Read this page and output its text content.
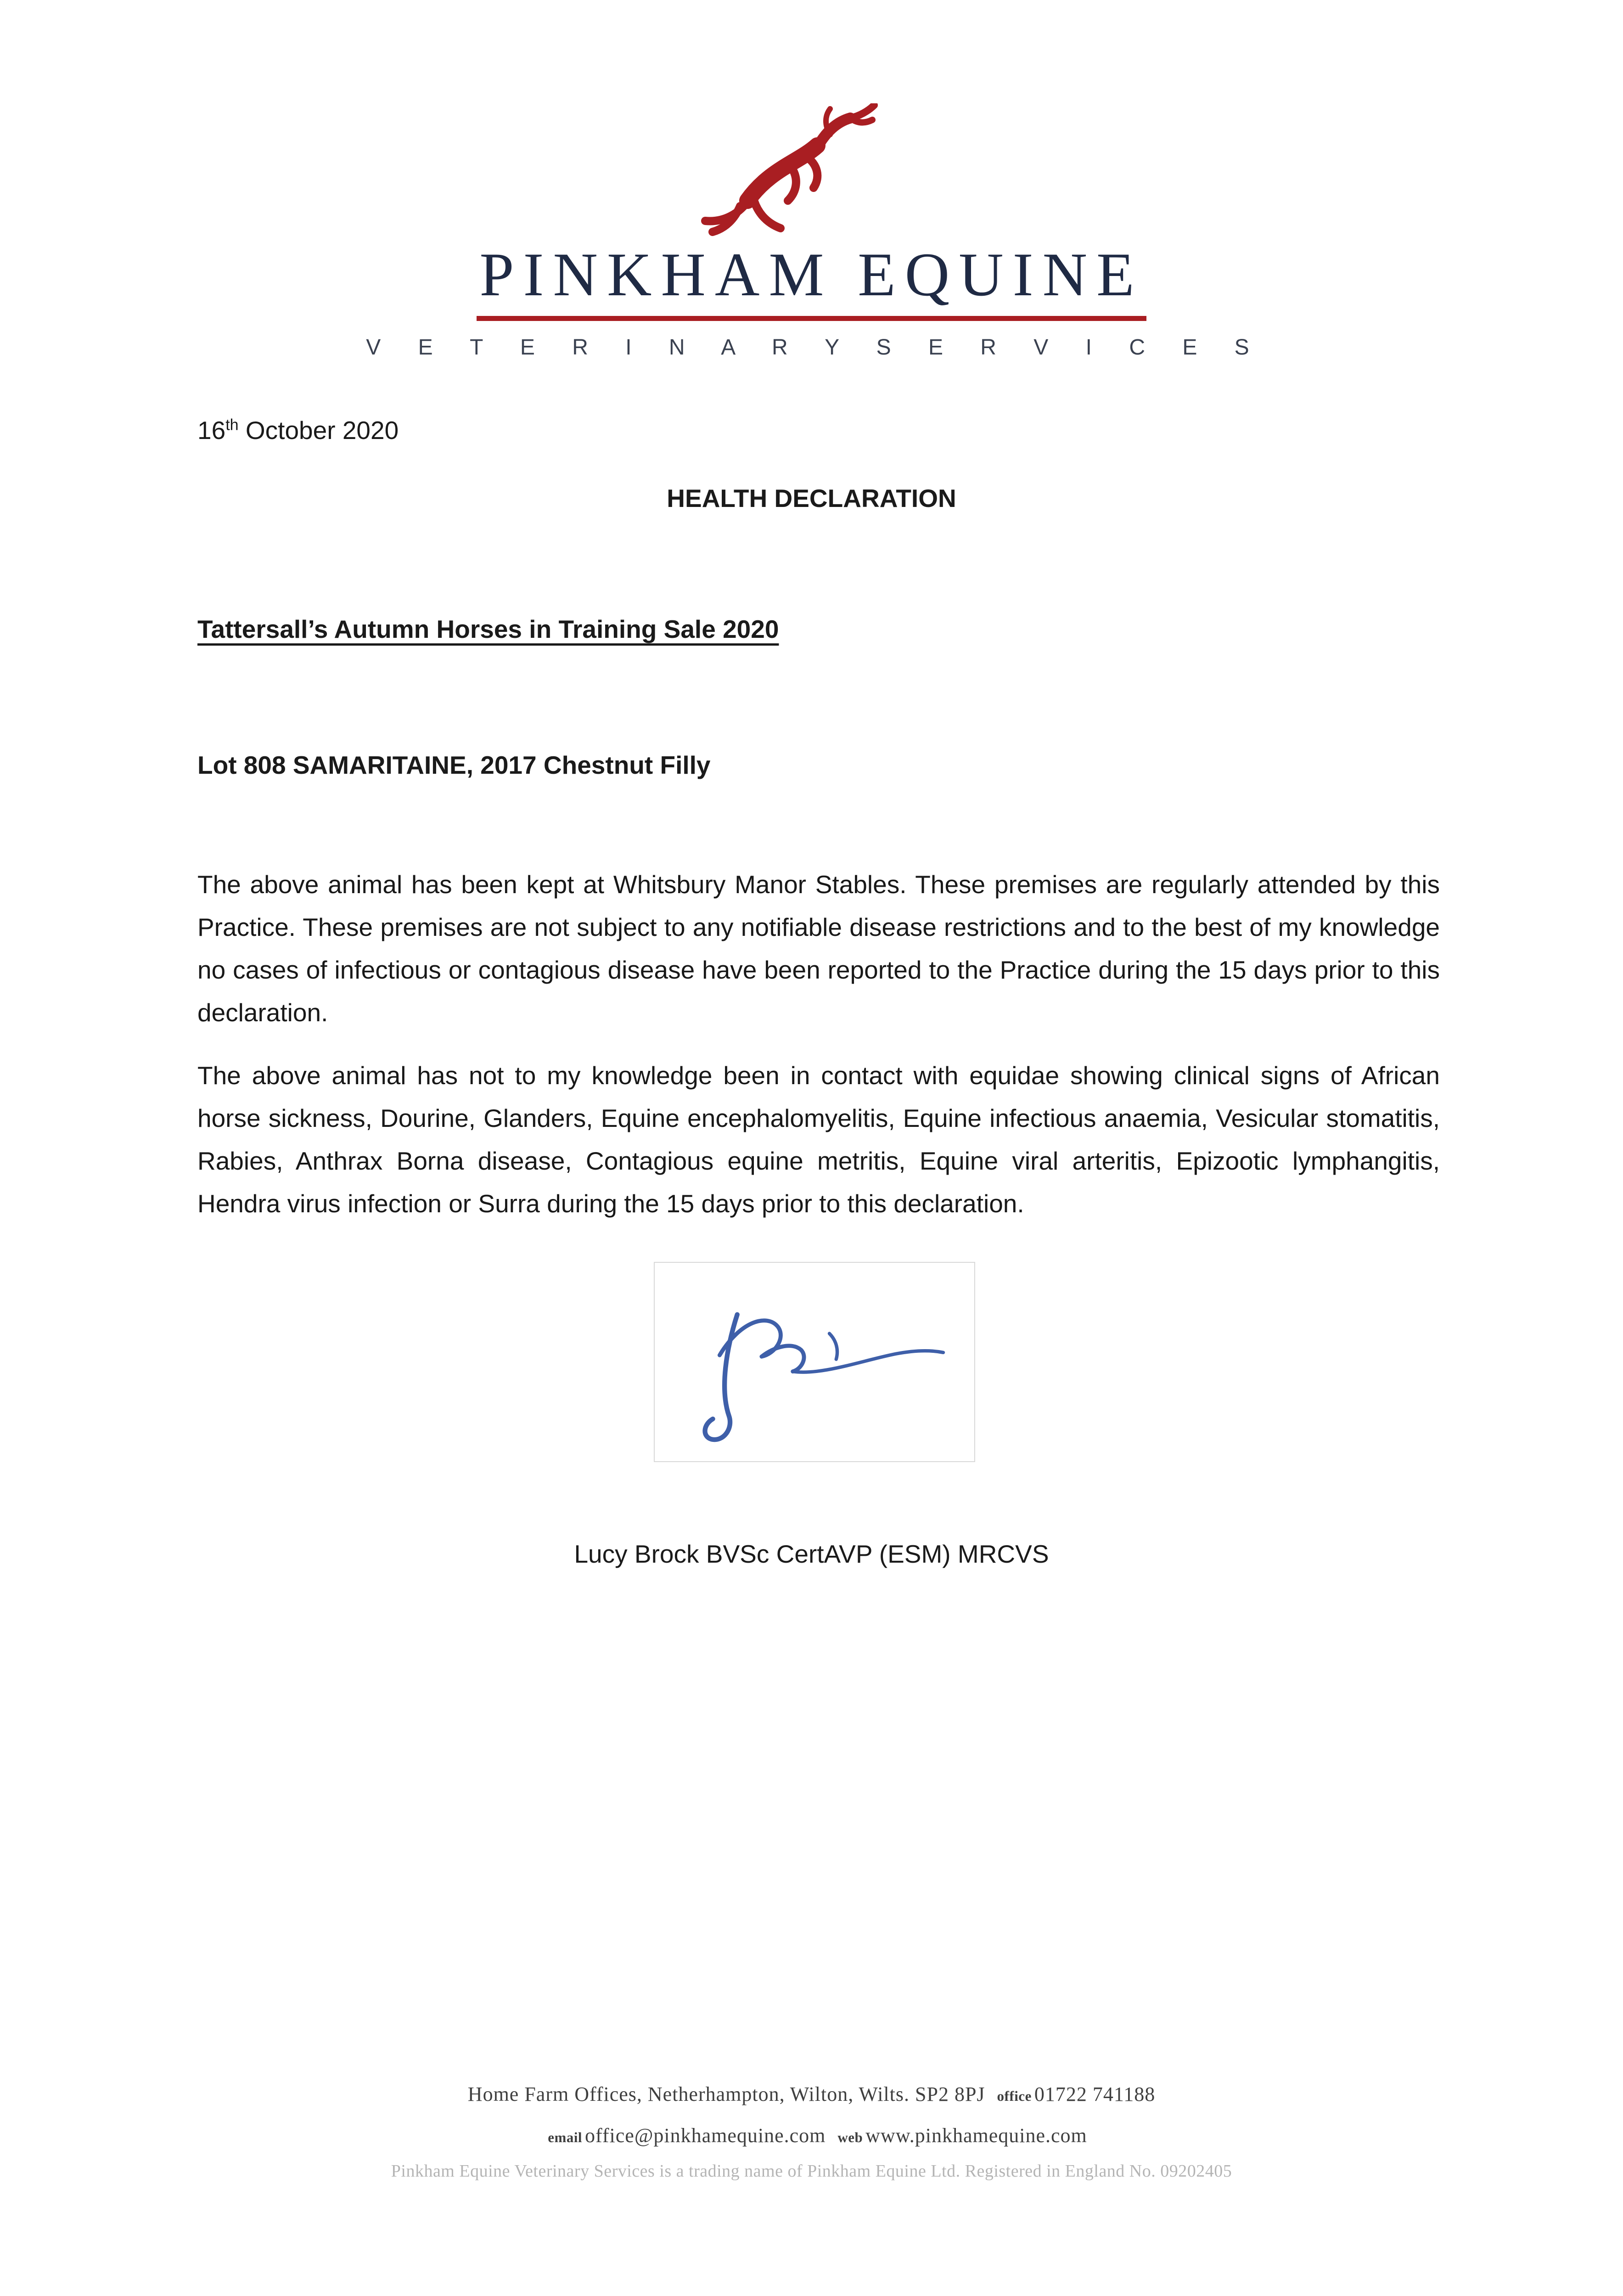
PINKHAM EQUINE
V E T E R I N A R Y S E R V I C E S
16th October 2020
HEALTH DECLARATION
Tattersall’s Autumn Horses in Training Sale 2020
Lot 808 SAMARITAINE, 2017 Chestnut Filly

The above animal has been kept at Whitsbury Manor Stables. These premises are regularly attended by this Practice. These premises are not subject to any notifiable disease restrictions and to the best of my knowledge no cases of infectious or contagious disease have been reported to the Practice during the 15 days prior to this declaration.

The above animal has not to my knowledge been in contact with equidae showing clinical signs of African horse sickness, Dourine, Glanders, Equine encephalomyelitis, Equine infectious anaemia, Vesicular stomatitis, Rabies, Anthrax Borna disease, Contagious equine metritis, Equine viral arteritis, Epizootic lymphangitis, Hendra virus infection or Surra during the 15 days prior to this declaration.

Lucy Brock BVSc CertAVP (ESM) MRCVS
Home Farm Offices, Netherhampton, Wilton, Wilts. SP2 8PJ office 01722 741188
email office@pinkhamequine.com web www.pinkhamequine.com
Pinkham Equine Veterinary Services is a trading name of Pinkham Equine Ltd. Registered in England No. 09202405
